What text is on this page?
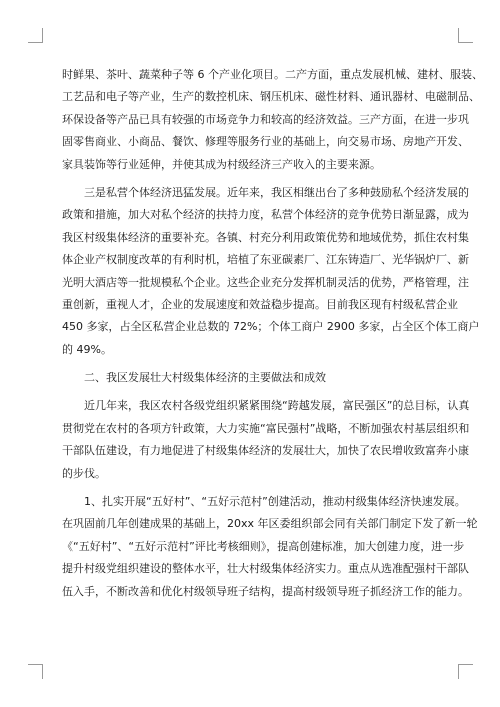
时鲜果、茶叶、蔬菜种子等 6 个产业化项目。二产方面，重点发展机械、建材、服装、
工艺品和电子等产业，生产的数控机床、钢压机床、磁性材料、通讯器材、电磁制品、
环保设备等产品已具有较强的市场竞争力和较高的经济效益。三产方面，在进一步巩
固零售商业、小商品、餐饮、修理等服务行业的基础上，向交易市场、房地产开发、
家具装饰等行业延伸，并使其成为村级经济三产收入的主要来源。
三是私营个体经济迅猛发展。近年来，我区相继出台了多种鼓励私个经济发展的
政策和措施，加大对私个经济的扶持力度，私营个体经济的竞争优势日渐显露，成为
我区村级集体经济的重要补充。各镇、村充分利用政策优势和地域优势，抓住农村集
体企业产权制度改革的有利时机，培植了东亚碳素厂、江东铸造厂、光华锅炉厂、新
光明大酒店等一批规模私个企业。这些企业充分发挥机制灵活的优势，严格管理，注
重创新，重视人才，企业的发展速度和效益稳步提高。目前我区现有村级私营企业
450 多家，占全区私营企业总数的 72%；个体工商户 2900 多家，占全区个体工商户
的 49%。
二、我区发展壮大村级集体经济的主要做法和成效
近几年来，我区农村各级党组织紧紧围绕“跨越发展，富民强区”的总目标，认真
贯彻党在农村的各项方针政策，大力实施“富民强村”战略，不断加强农村基层组织和
干部队伍建设，有力地促进了村级集体经济的发展壮大，加快了农民增收致富奔小康
的步伐。
1、扎实开展“五好村”、“五好示范村”创建活动，推动村级集体经济快速发展。
在巩固前几年创建成果的基础上，20xx 年区委组织部会同有关部门制定下发了新一轮
《“五好村”、“五好示范村”评比考核细则》，提高创建标准，加大创建力度，进一步
提升村级党组织建设的整体水平，壮大村级集体经济实力。重点从选准配强村干部队
伍入手，不断改善和优化村级领导班子结构，提高村级领导班子抓经济工作的能力。
